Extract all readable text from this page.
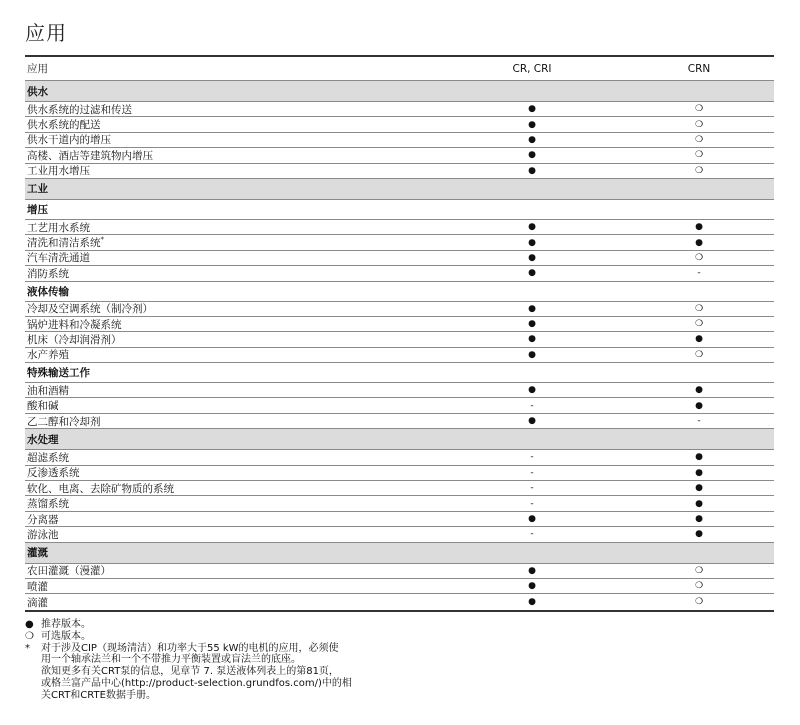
应用
应用	CR, CRI	CRN
供水
供水系统的过滤和传送	●	❍
供水系统的配送	●	❍
供水干道内的增压	●	❍
高楼、酒店等建筑物内增压	●	❍
工业用水增压	●	❍
工业
增压
工艺用水系统	●	●
清洗和清洁系统*	●	●
汽车清洗通道	●	❍
消防系统	●	-
液体传输
冷却及空调系统（制冷剂）	●	❍
锅炉进料和冷凝系统	●	❍
机床（冷却润滑剂）	●	●
水产养殖	●	❍
特殊输送工作
油和酒精	●	●
酸和碱	-	●
乙二醇和冷却剂	●	-
水处理
超滤系统	-	●
反渗透系统	-	●
软化、电离、去除矿物质的系统	-	●
蒸馏系统	-	●
分离器	●	●
游泳池	-	●
灌溉
农田灌溉（漫灌）	●	❍
喷灌	●	❍
滴灌	●	❍
● 推荐版本。
❍ 可选版本。
*	对于涉及CIP（现场清洁）和功率大于55 kW的电机的应用，必须使
用一个轴承法兰和一个不带推力平衡装置或盲法兰的底座。
欲知更多有关CRT泵的信息，见章节 7. 泵送液体列表上的第81页，
或格兰富产品中心(http://product-selection.grundfos.com/)中的相
关CRT和CRTE数据手册。
